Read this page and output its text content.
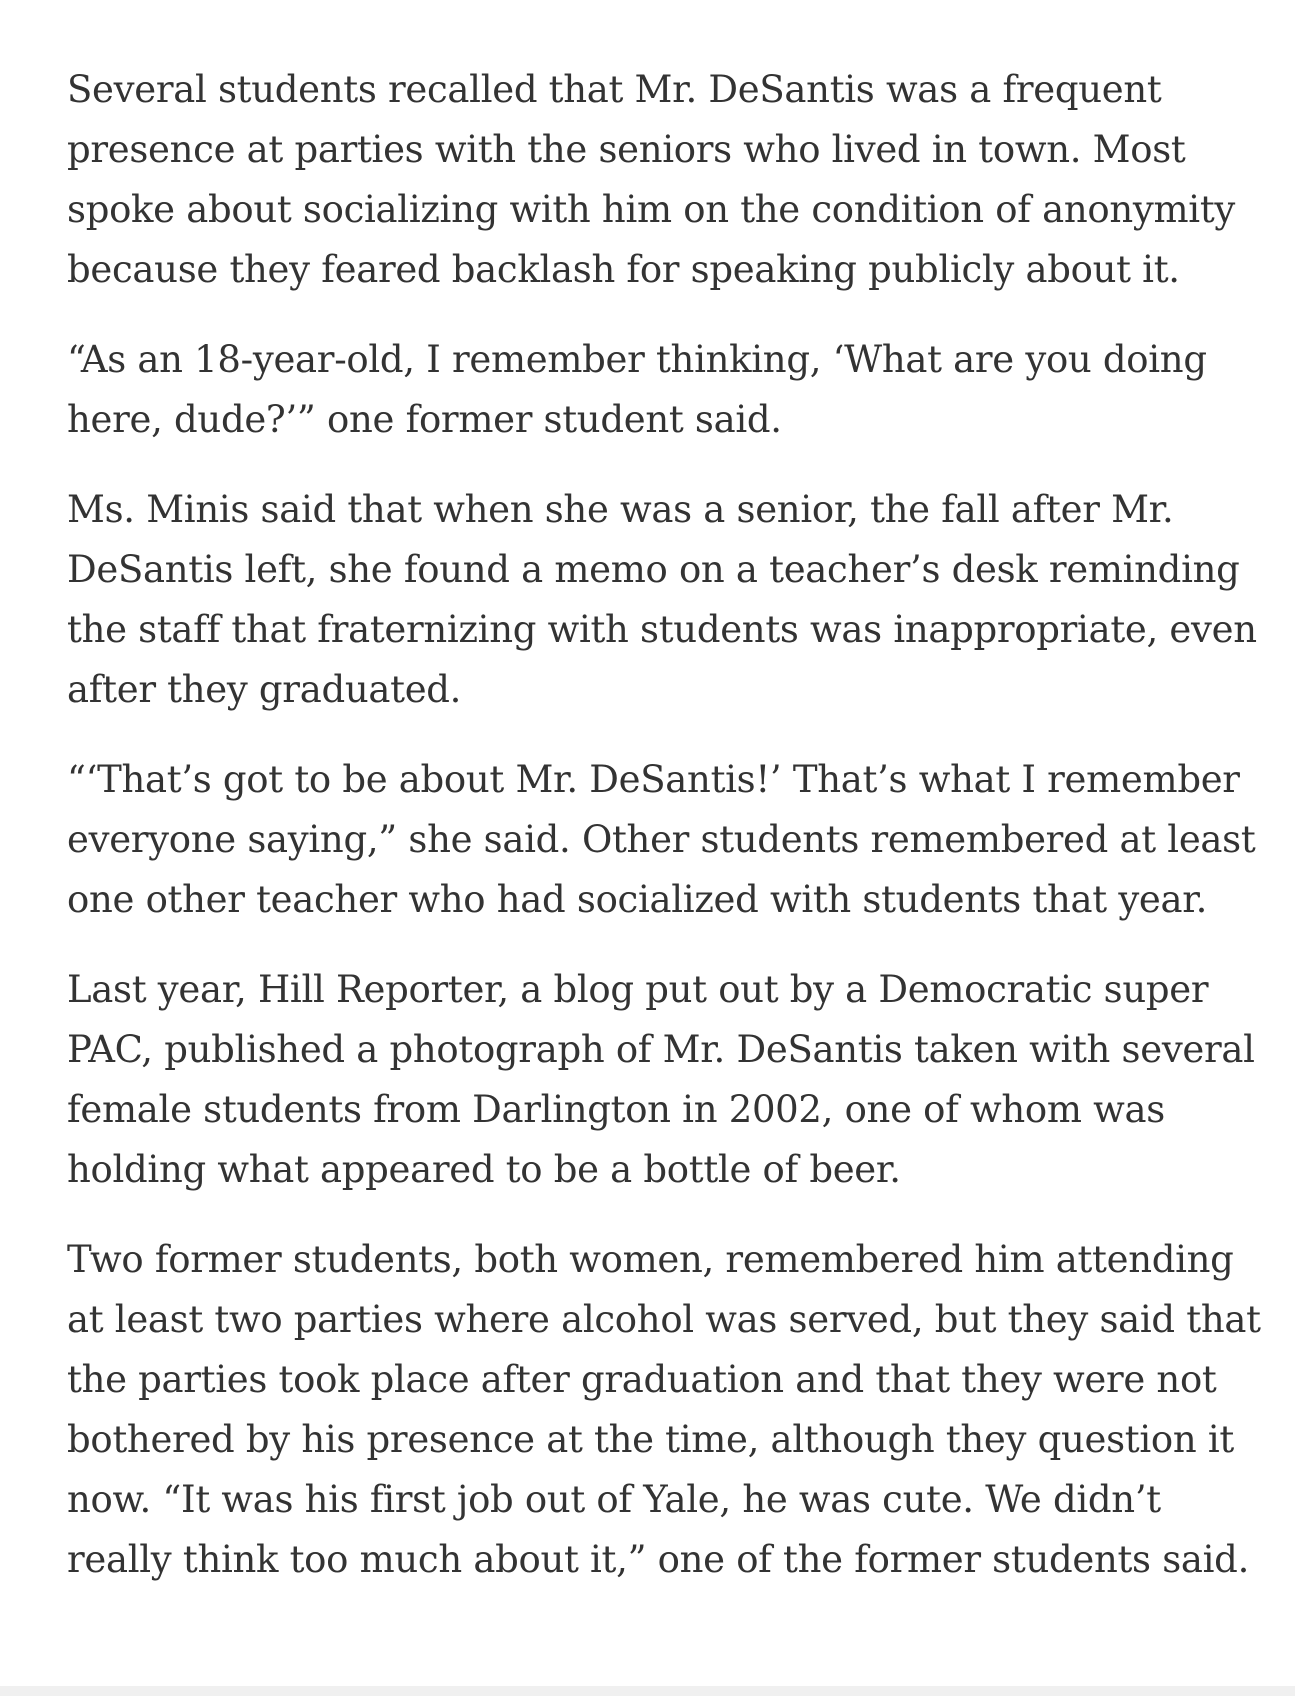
Several students recalled that Mr. DeSantis was a frequent presence at parties with the seniors who lived in town. Most spoke about socializing with him on the condition of anonymity because they feared backlash for speaking publicly about it.

“As an 18-year-old, I remember thinking, ‘What are you doing here, dude?’” one former student said.

Ms. Minis said that when she was a senior, the fall after Mr. DeSantis left, she found a memo on a teacher’s desk reminding the staff that fraternizing with students was inappropriate, even after they graduated.

“‘That’s got to be about Mr. DeSantis!’ That’s what I remember everyone saying,” she said. Other students remembered at least one other teacher who had socialized with students that year.

Last year, Hill Reporter, a blog put out by a Democratic super PAC, published a photograph of Mr. DeSantis taken with several female students from Darlington in 2002, one of whom was holding what appeared to be a bottle of beer.

Two former students, both women, remembered him attending at least two parties where alcohol was served, but they said that the parties took place after graduation and that they were not bothered by his presence at the time, although they question it now. “It was his first job out of Yale, he was cute. We didn’t really think too much about it,” one of the former students said.
